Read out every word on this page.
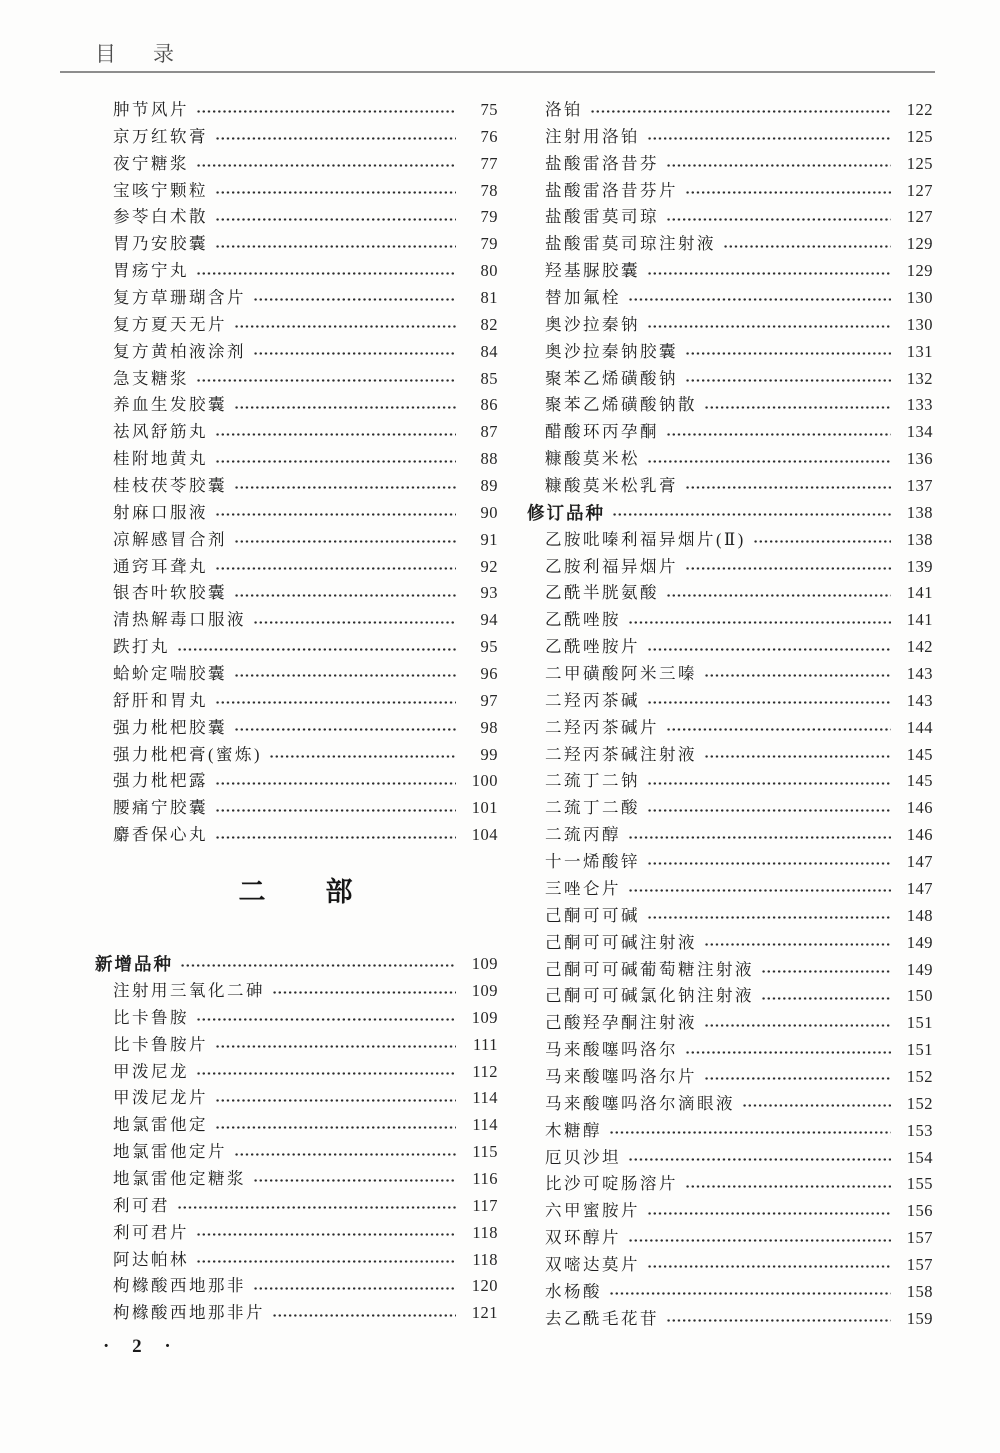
目　录
肿节风片	75
京万红软膏	76
夜宁糖浆	77
宝咳宁颗粒	78
参苓白术散	79
胃乃安胶囊	79
胃疡宁丸	80
复方草珊瑚含片	81
复方夏天无片	82
复方黄柏液涂剂	84
急支糖浆	85
养血生发胶囊	86
祛风舒筋丸	87
桂附地黄丸	88
桂枝茯苓胶囊	89
射麻口服液	90
凉解感冒合剂	91
通窍耳聋丸	92
银杏叶软胶囊	93
清热解毒口服液	94
跌打丸	95
蛤蚧定喘胶囊	96
舒肝和胃丸	97
强力枇杷胶囊	98
强力枇杷膏(蜜炼)	99
强力枇杷露	100
腰痛宁胶囊	101
麝香保心丸	104
二　　部
新增品种	109
注射用三氧化二砷	109
比卡鲁胺	109
比卡鲁胺片	111
甲泼尼龙	112
甲泼尼龙片	114
地氯雷他定	114
地氯雷他定片	115
地氯雷他定糖浆	116
利可君	117
利可君片	118
阿达帕林	118
枸橼酸西地那非	120
枸橼酸西地那非片	121
洛铂	122
注射用洛铂	125
盐酸雷洛昔芬	125
盐酸雷洛昔芬片	127
盐酸雷莫司琼	127
盐酸雷莫司琼注射液	129
羟基脲胶囊	129
替加氟栓	130
奥沙拉秦钠	130
奥沙拉秦钠胶囊	131
聚苯乙烯磺酸钠	132
聚苯乙烯磺酸钠散	133
醋酸环丙孕酮	134
糠酸莫米松	136
糠酸莫米松乳膏	137
修订品种	138
乙胺吡嗪利福异烟片(Ⅱ)	138
乙胺利福异烟片	139
乙酰半胱氨酸	141
乙酰唑胺	141
乙酰唑胺片	142
二甲磺酸阿米三嗪	143
二羟丙茶碱	143
二羟丙茶碱片	144
二羟丙茶碱注射液	145
二巯丁二钠	145
二巯丁二酸	146
二巯丙醇	146
十一烯酸锌	147
三唑仑片	147
己酮可可碱	148
己酮可可碱注射液	149
己酮可可碱葡萄糖注射液	149
己酮可可碱氯化钠注射液	150
己酸羟孕酮注射液	151
马来酸噻吗洛尔	151
马来酸噻吗洛尔片	152
马来酸噻吗洛尔滴眼液	152
木糖醇	153
厄贝沙坦	154
比沙可啶肠溶片	155
六甲蜜胺片	156
双环醇片	157
双嘧达莫片	157
水杨酸	158
去乙酰毛花苷	159
· 2 ·
